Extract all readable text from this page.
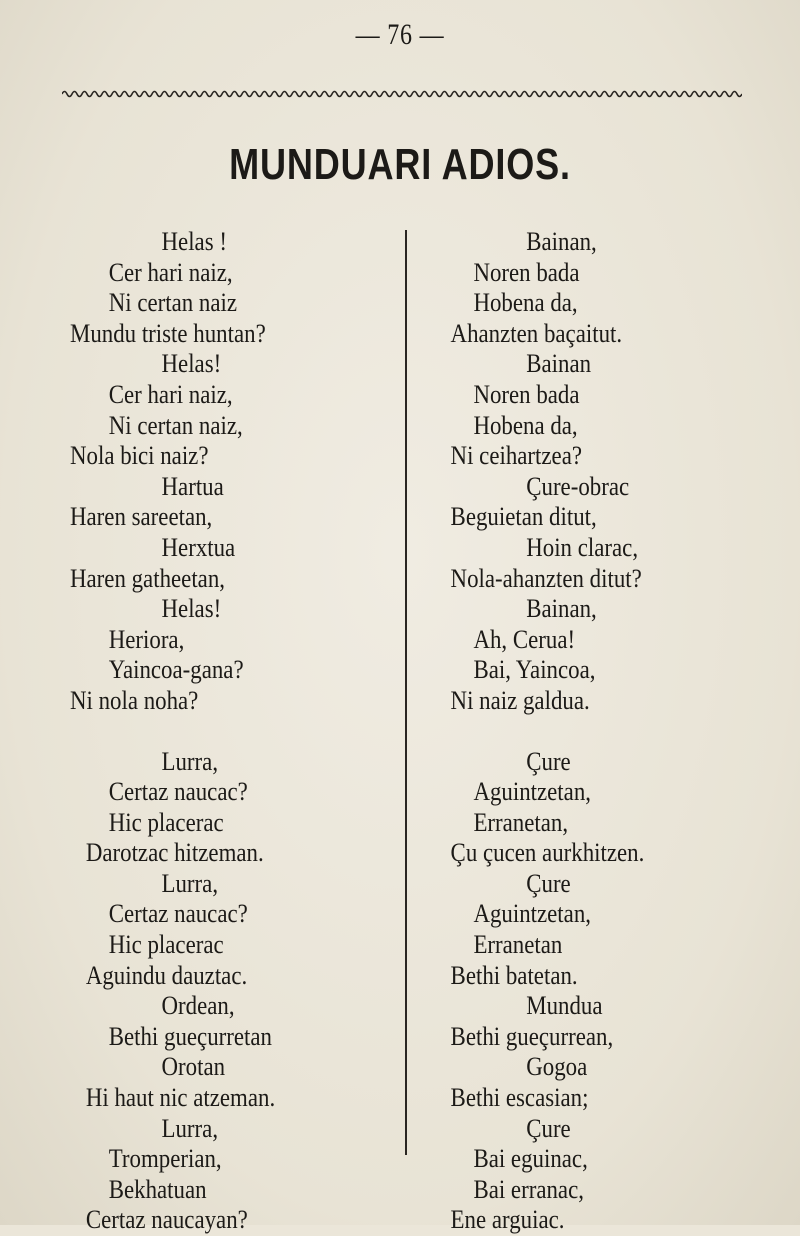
— 76 —
MUNDUARI ADIOS.
Helas !
Cer hari naiz,
Ni certan naiz
Mundu triste huntan?
Helas!
Cer hari naiz,
Ni certan naiz,
Nola bici naiz?
Hartua
Haren sareetan,
Herxtua
Haren gatheetan,
Helas!
Heriora,
Yaincoa-gana?
Ni nola noha?
Lurra,
Certaz naucac?
Hic placerac
Darotzac hitzeman.
Lurra,
Certaz naucac?
Hic placerac
Aguindu dauztac.
Ordean,
Bethi gueçurretan
Orotan
Hi haut nic atzeman.
Lurra,
Tromperian,
Bekhatuan
Certaz naucayan?
Bainan,
Noren bada
Hobena da,
Ahanzten baçaitut.
Bainan
Noren bada
Hobena da,
Ni ceihartzea?
Çure-obrac
Beguietan ditut,
Hoin clarac,
Nola-ahanzten ditut?
Bainan,
Ah, Cerua!
Bai, Yaincoa,
Ni naiz galdua.
Çure
Aguintzetan,
Erranetan,
Çu çucen aurkhitzen.
Çure
Aguintzetan,
Erranetan
Bethi batetan.
Mundua
Bethi gueçurrean,
Gogoa
Bethi escasian;
Çure
Bai eguinac,
Bai erranac,
Ene arguiac.
